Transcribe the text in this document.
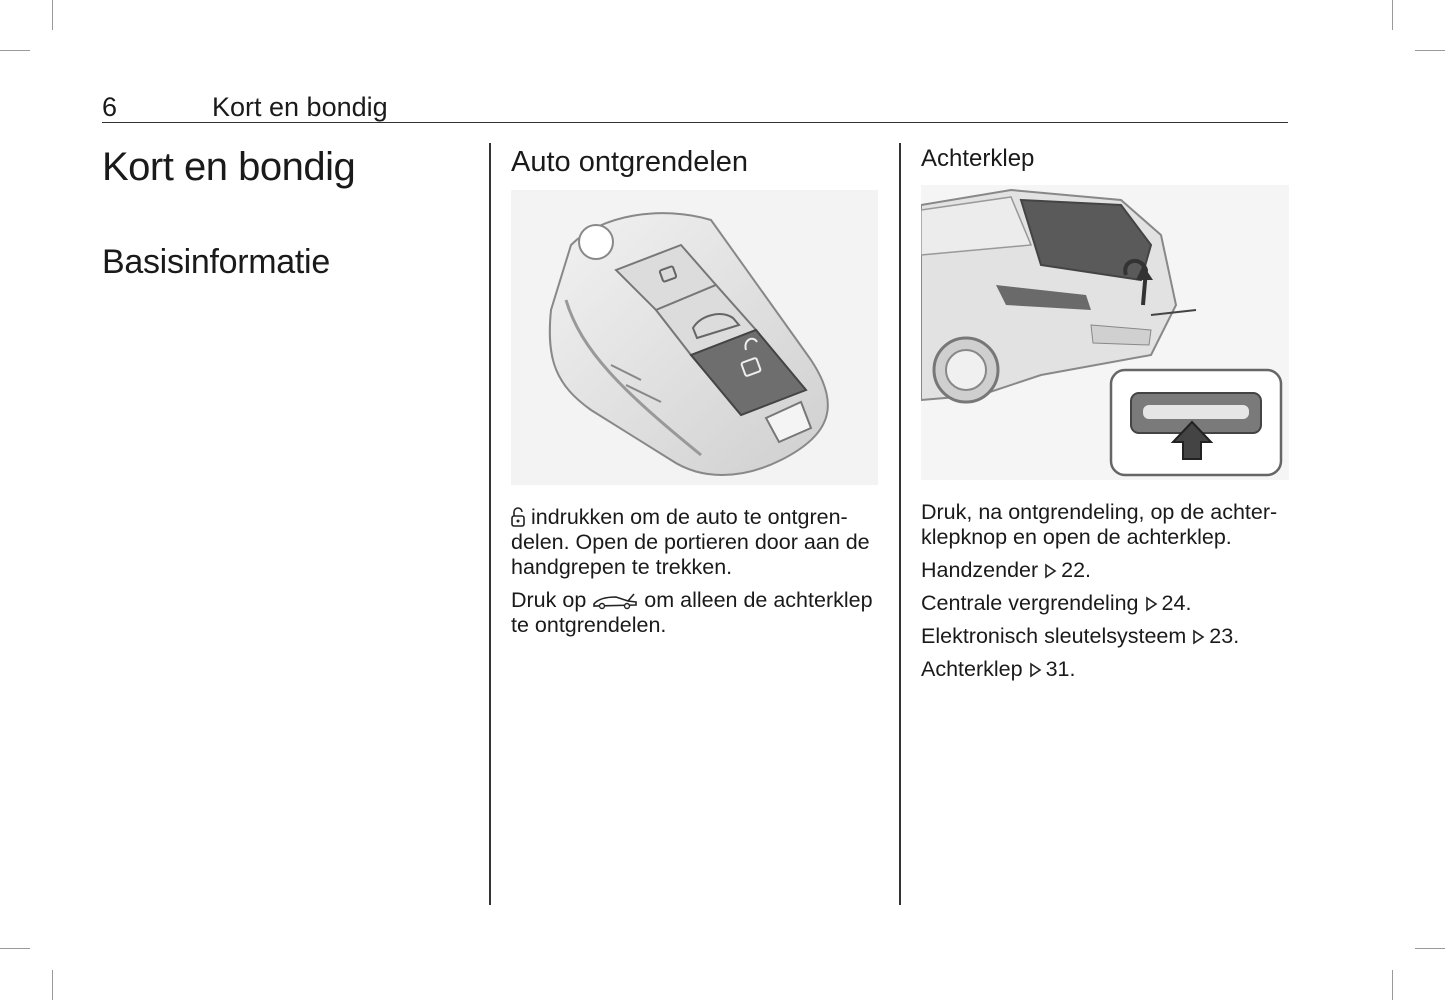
6	Kort en bondig
Kort en bondig
Basisinformatie
Auto ontgrendelen

indrukken om de auto te ontgren-
delen. Open de portieren door aan de
handgrepen te trekken.

Druk op	om alleen de achterklep
te ontgrendelen.

Achterklep

Druk, na ontgrendeling, op de achter-
klepknop en open de achterklep.

Handzender 22.

Centrale vergrendeling 24.

Elektronisch sleutelsysteem 23.

Achterklep 31.
